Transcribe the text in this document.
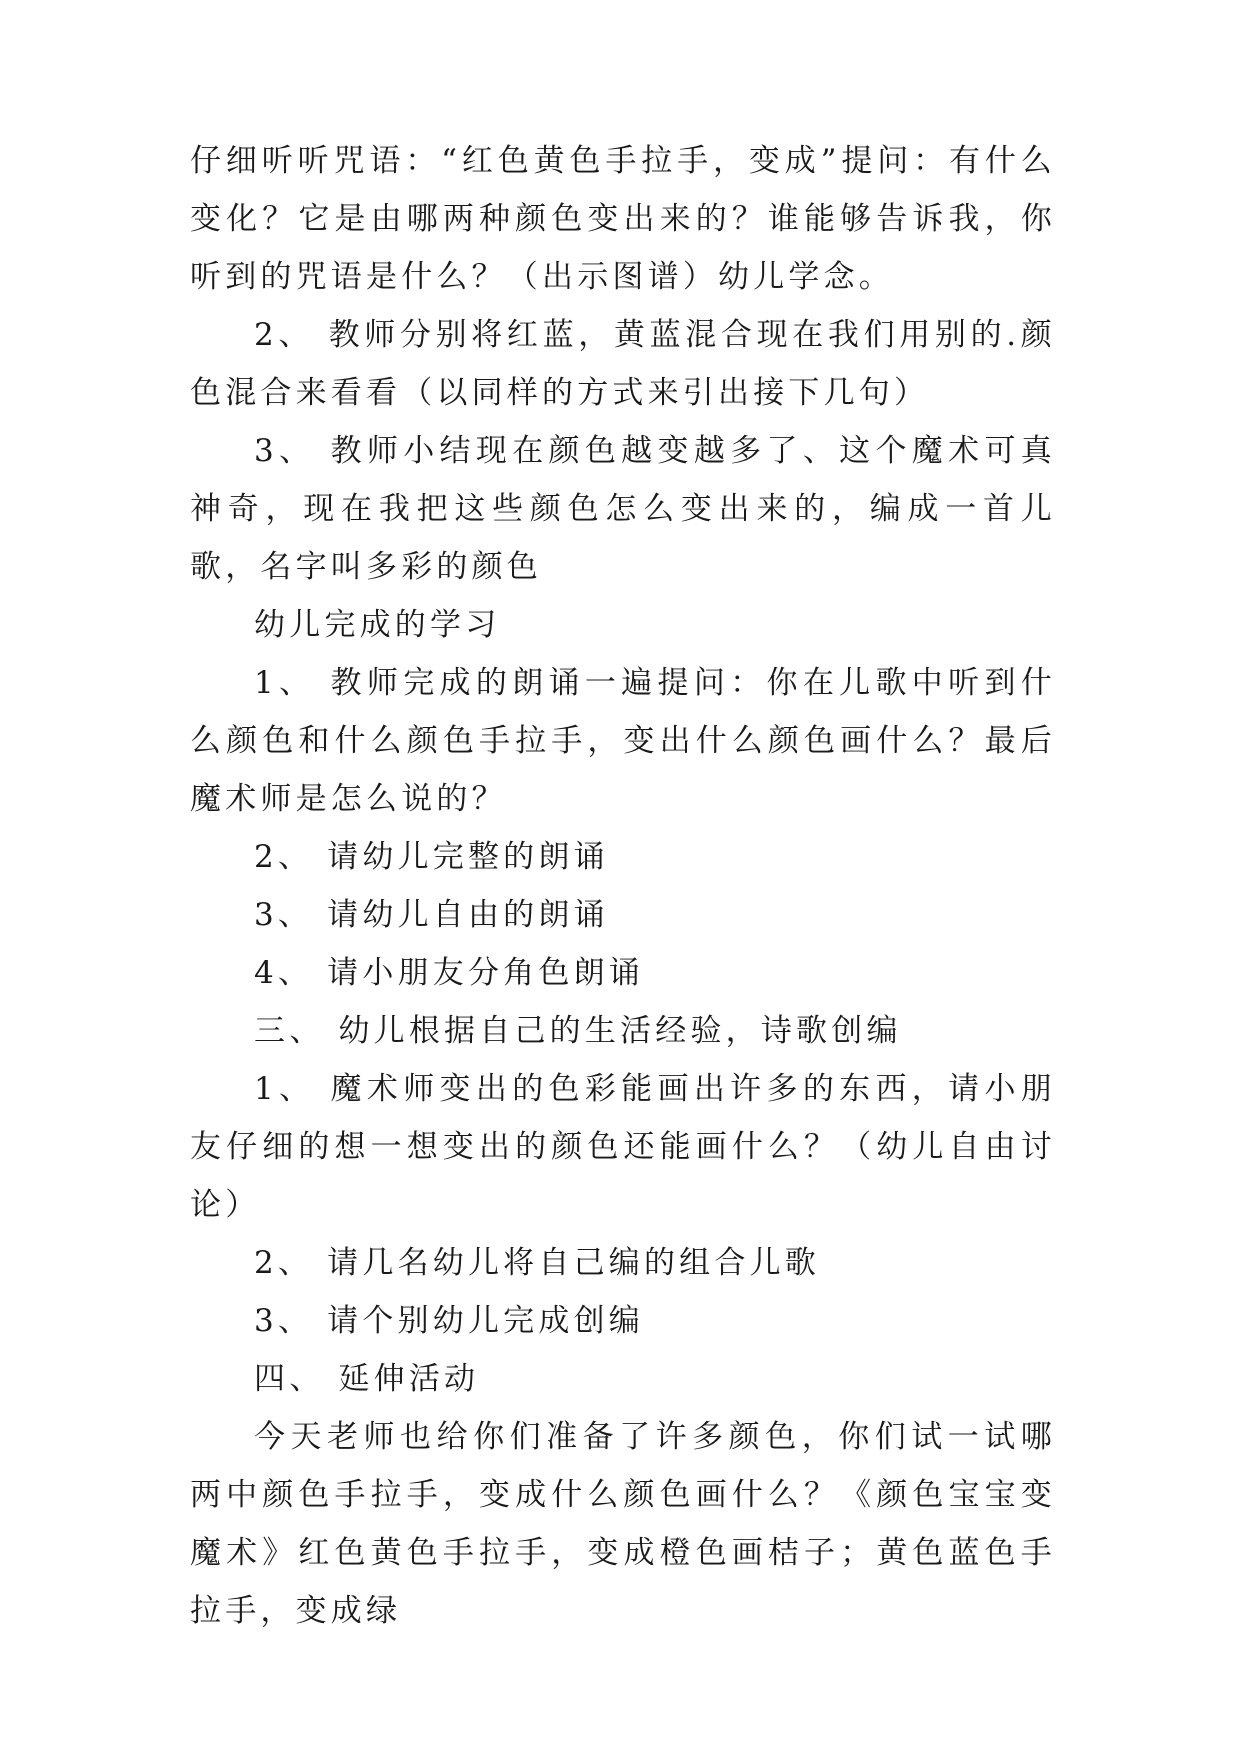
仔细听听咒语：“红色黄色手拉手，变成”提问：有什么变化？它是由哪两种颜色变出来的？谁能够告诉我，你听到的咒语是什么？（出示图谱）幼儿学念。

2、 教师分别将红蓝，黄蓝混合现在我们用别的.颜色混合来看看（以同样的方式来引出接下几句）

3、 教师小结现在颜色越变越多了、这个魔术可真神奇，现在我把这些颜色怎么变出来的，编成一首儿歌，名字叫多彩的颜色

幼儿完成的学习

1、 教师完成的朗诵一遍提问：你在儿歌中听到什么颜色和什么颜色手拉手，变出什么颜色画什么？最后魔术师是怎么说的？

2、 请幼儿完整的朗诵

3、 请幼儿自由的朗诵

4、 请小朋友分角色朗诵

三、 幼儿根据自己的生活经验，诗歌创编

1、 魔术师变出的色彩能画出许多的东西，请小朋友仔细的想一想变出的颜色还能画什么？（幼儿自由讨论）

2、 请几名幼儿将自己编的组合儿歌

3、 请个别幼儿完成创编

四、 延伸活动

今天老师也给你们准备了许多颜色，你们试一试哪两中颜色手拉手，变成什么颜色画什么？《颜色宝宝变魔术》红色黄色手拉手，变成橙色画桔子；黄色蓝色手拉手，变成绿
